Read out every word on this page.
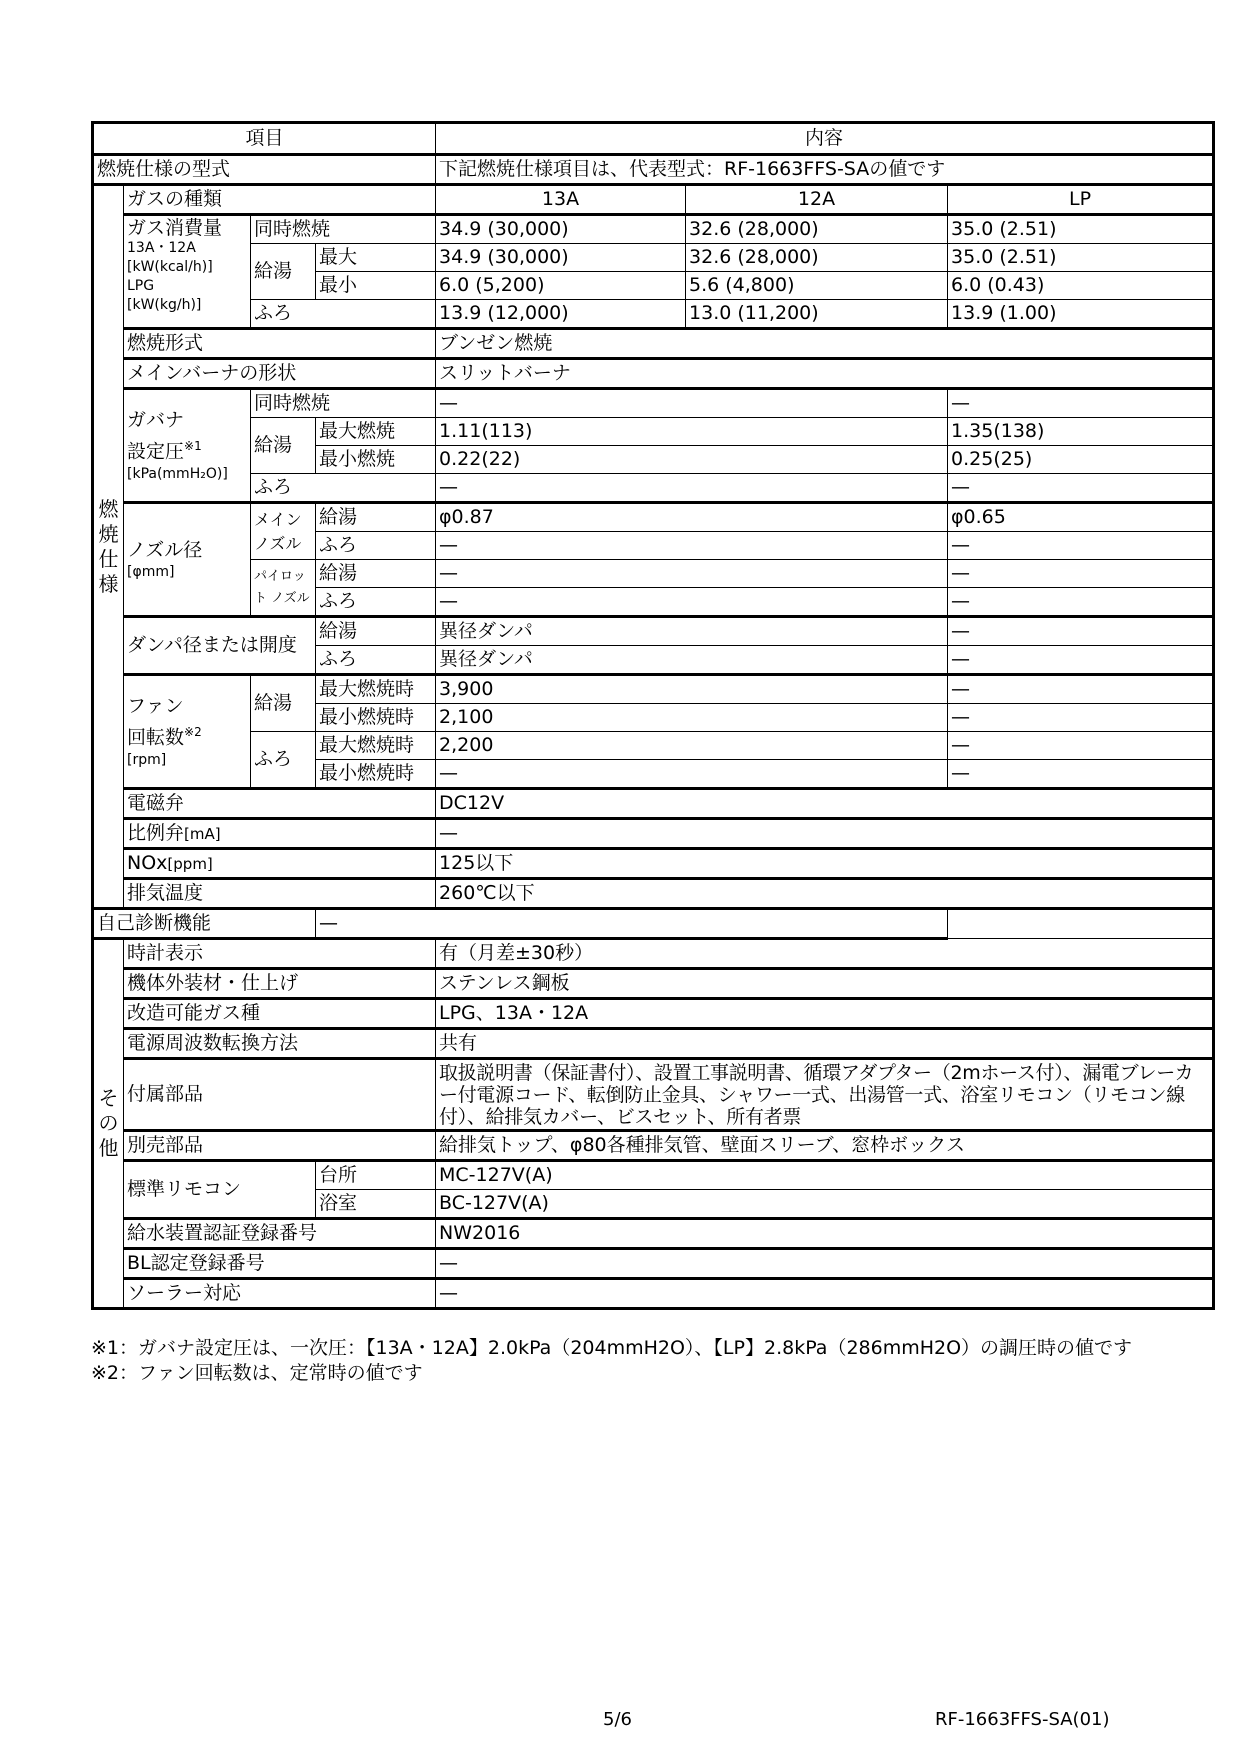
項目				内容		
燃焼仕様の型式				下記燃焼仕様項目は、代表型式：RF-1663FFS-SAの値です		
燃
焼
仕
様	ガスの種類			13A	12A	LP

	ガス消費量
13A・12A
[kW(kcal/h)]
LPG
[kW(kg/h)]	同時燃焼		34.9 (30,000)	32.6 (28,000)	35.0 (2.51)
		給湯	最大	34.9 (30,000)	32.6 (28,000)	35.0 (2.51)
			最小	6.0 (5,200)	5.6 (4,800)	6.0 (0.43)
		ふろ		13.9 (12,000)	13.0 (11,200)	13.9 (1.00)
	燃焼形式			ブンゼン燃焼		
	メインバーナの形状			スリットバーナ		

	ガバナ
設定圧$^{※1}$
[kPa(mmH₂O)]	同時燃焼		—		—
		給湯	最大燃焼	1.11(113)		1.35(138)
			最小燃焼	0.22(22)		0.25(25)
		ふろ		—		—

	ノズル径
[φmm]	メイン ノズル	給湯	φ0.87		φ0.65
			ふろ	—		—
		パイロット ノズル	給湯	—		—
			ふろ	—		—
	ダンパ径または開度		給湯	異径ダンパ		—
			ふろ	異径ダンパ		—

	ファン
回転数$^{※2}$
[rpm]	給湯	最大燃焼時	3,900		—
			最小燃焼時	2,100		—
		ふろ	最大燃焼時	2,200		—
			最小燃焼時	—		—
	電磁弁			DC12V		
	比例弁[mA]			—		
	NOx[ppm]			125以下		
	排気温度			260℃以下		
自己診断機能			—			
そ
の
他	時計表示			有（月差±30秒）		
	機体外装材・仕上げ			ステンレス鋼板		
	改造可能ガス種			LPG、13A・12A		
	電源周波数転換方法			共有		
	付属部品			取扱説明書（保証書付）、設置工事説明書、循環アダプター（2mホース付）、漏電ブレーカー付電源コード、転倒防止金具、シャワー一式、出湯管一式、浴室リモコン（リモコン線付）、給排気カバー、ビスセット、所有者票		
	別売部品			給排気トップ、φ80各種排気管、壁面スリーブ、窓枠ボックス		
	標準リモコン		台所	MC-127V(A)		
			浴室	BC-127V(A)		
	給水装置認証登録番号			NW2016		
	BL認定登録番号			—		
	ソーラー対応			—		
※1：ガバナ設定圧は、一次圧：【13A・12A】2.0kPa（204mmH2O）、【LP】2.8kPa（286mmH2O）の調圧時の値です
※2：ファン回転数は、定常時の値です
5/6	RF-1663FFS-SA(01)
